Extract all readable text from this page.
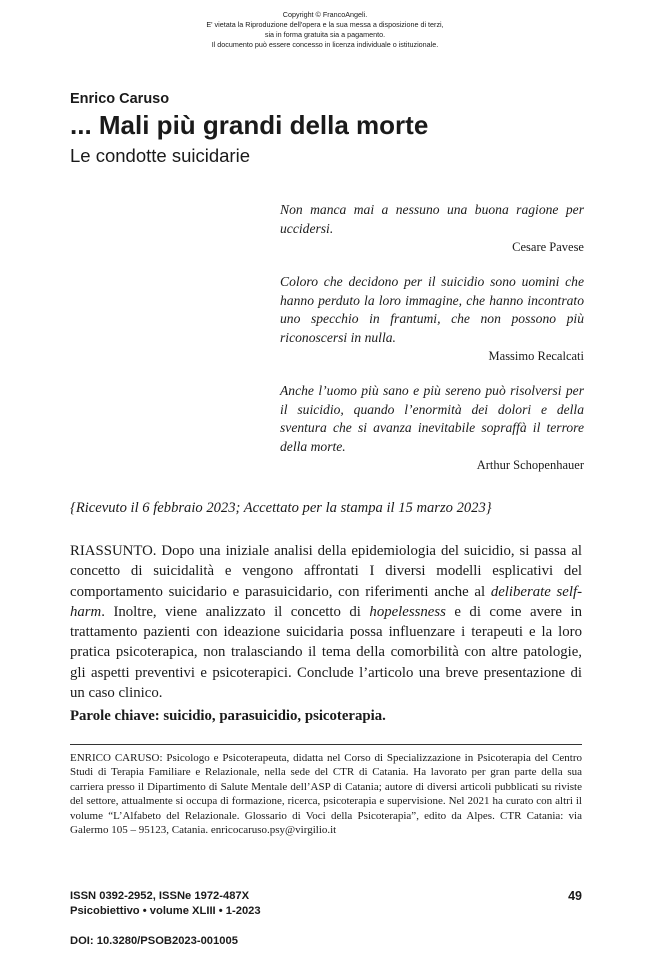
Copyright © FrancoAngeli.
E' vietata la Riproduzione dell'opera e la sua messa a disposizione di terzi,
sia in forma gratuita sia a pagamento.
Il documento può essere concesso in licenza individuale o istituzionale.
Enrico Caruso
... Mali più grandi della morte
Le condotte suicidarie
Non manca mai a nessuno una buona ragione per uccidersi.
Cesare Pavese
Coloro che decidono per il suicidio sono uomini che hanno perduto la loro immagine, che hanno incontrato uno specchio in frantumi, che non possono più riconoscersi in nulla.
Massimo Recalcati
Anche l’uomo più sano e più sereno può risolversi per il suicidio, quando l’enormità dei dolori e della sventura che si avanza inevitabile sopraffà il terrore della morte.
Arthur Schopenhauer
{Ricevuto il 6 febbraio 2023; Accettato per la stampa il 15 marzo 2023}
RIASSUNTO. Dopo una iniziale analisi della epidemiologia del suicidio, si passa al concetto di suicidalità e vengono affrontati I diversi modelli esplicativi del comportamento suicidario e parasuicidario, con riferimenti anche al deliberate self-harm. Inoltre, viene analizzato il concetto di hopelessness e di come avere in trattamento pazienti con ideazione suicidaria possa influenzare i terapeuti e la loro pratica psicoterapica, non tralasciando il tema della comorbilità con altre patologie, gli aspetti preventivi e psicoterapici. Conclude l’articolo una breve presentazione di un caso clinico.
Parole chiave: suicidio, parasuicidio, psicoterapia.
ENRICO CARUSO: Psicologo e Psicoterapeuta, didatta nel Corso di Specializzazione in Psicoterapia del Centro Studi di Terapia Familiare e Relazionale, nella sede del CTR di Catania. Ha lavorato per gran parte della sua carriera presso il Dipartimento di Salute Mentale dell’ASP di Catania; autore di diversi articoli pubblicati su riviste del settore, attualmente si occupa di formazione, ricerca, psicoterapia e supervisione. Nel 2021 ha curato con altri il volume “L’Alfabeto del Relazionale. Glossario di Voci della Psicoterapia”, edito da Alpes. CTR Catania: via Galermo 105 – 95123, Catania. enricocaruso.psy@virgilio.it
ISSN 0392-2952, ISSNe 1972-487X
Psicobiettivo • volume XLIII • 1-2023
49
DOI: 10.3280/PSOB2023-001005
